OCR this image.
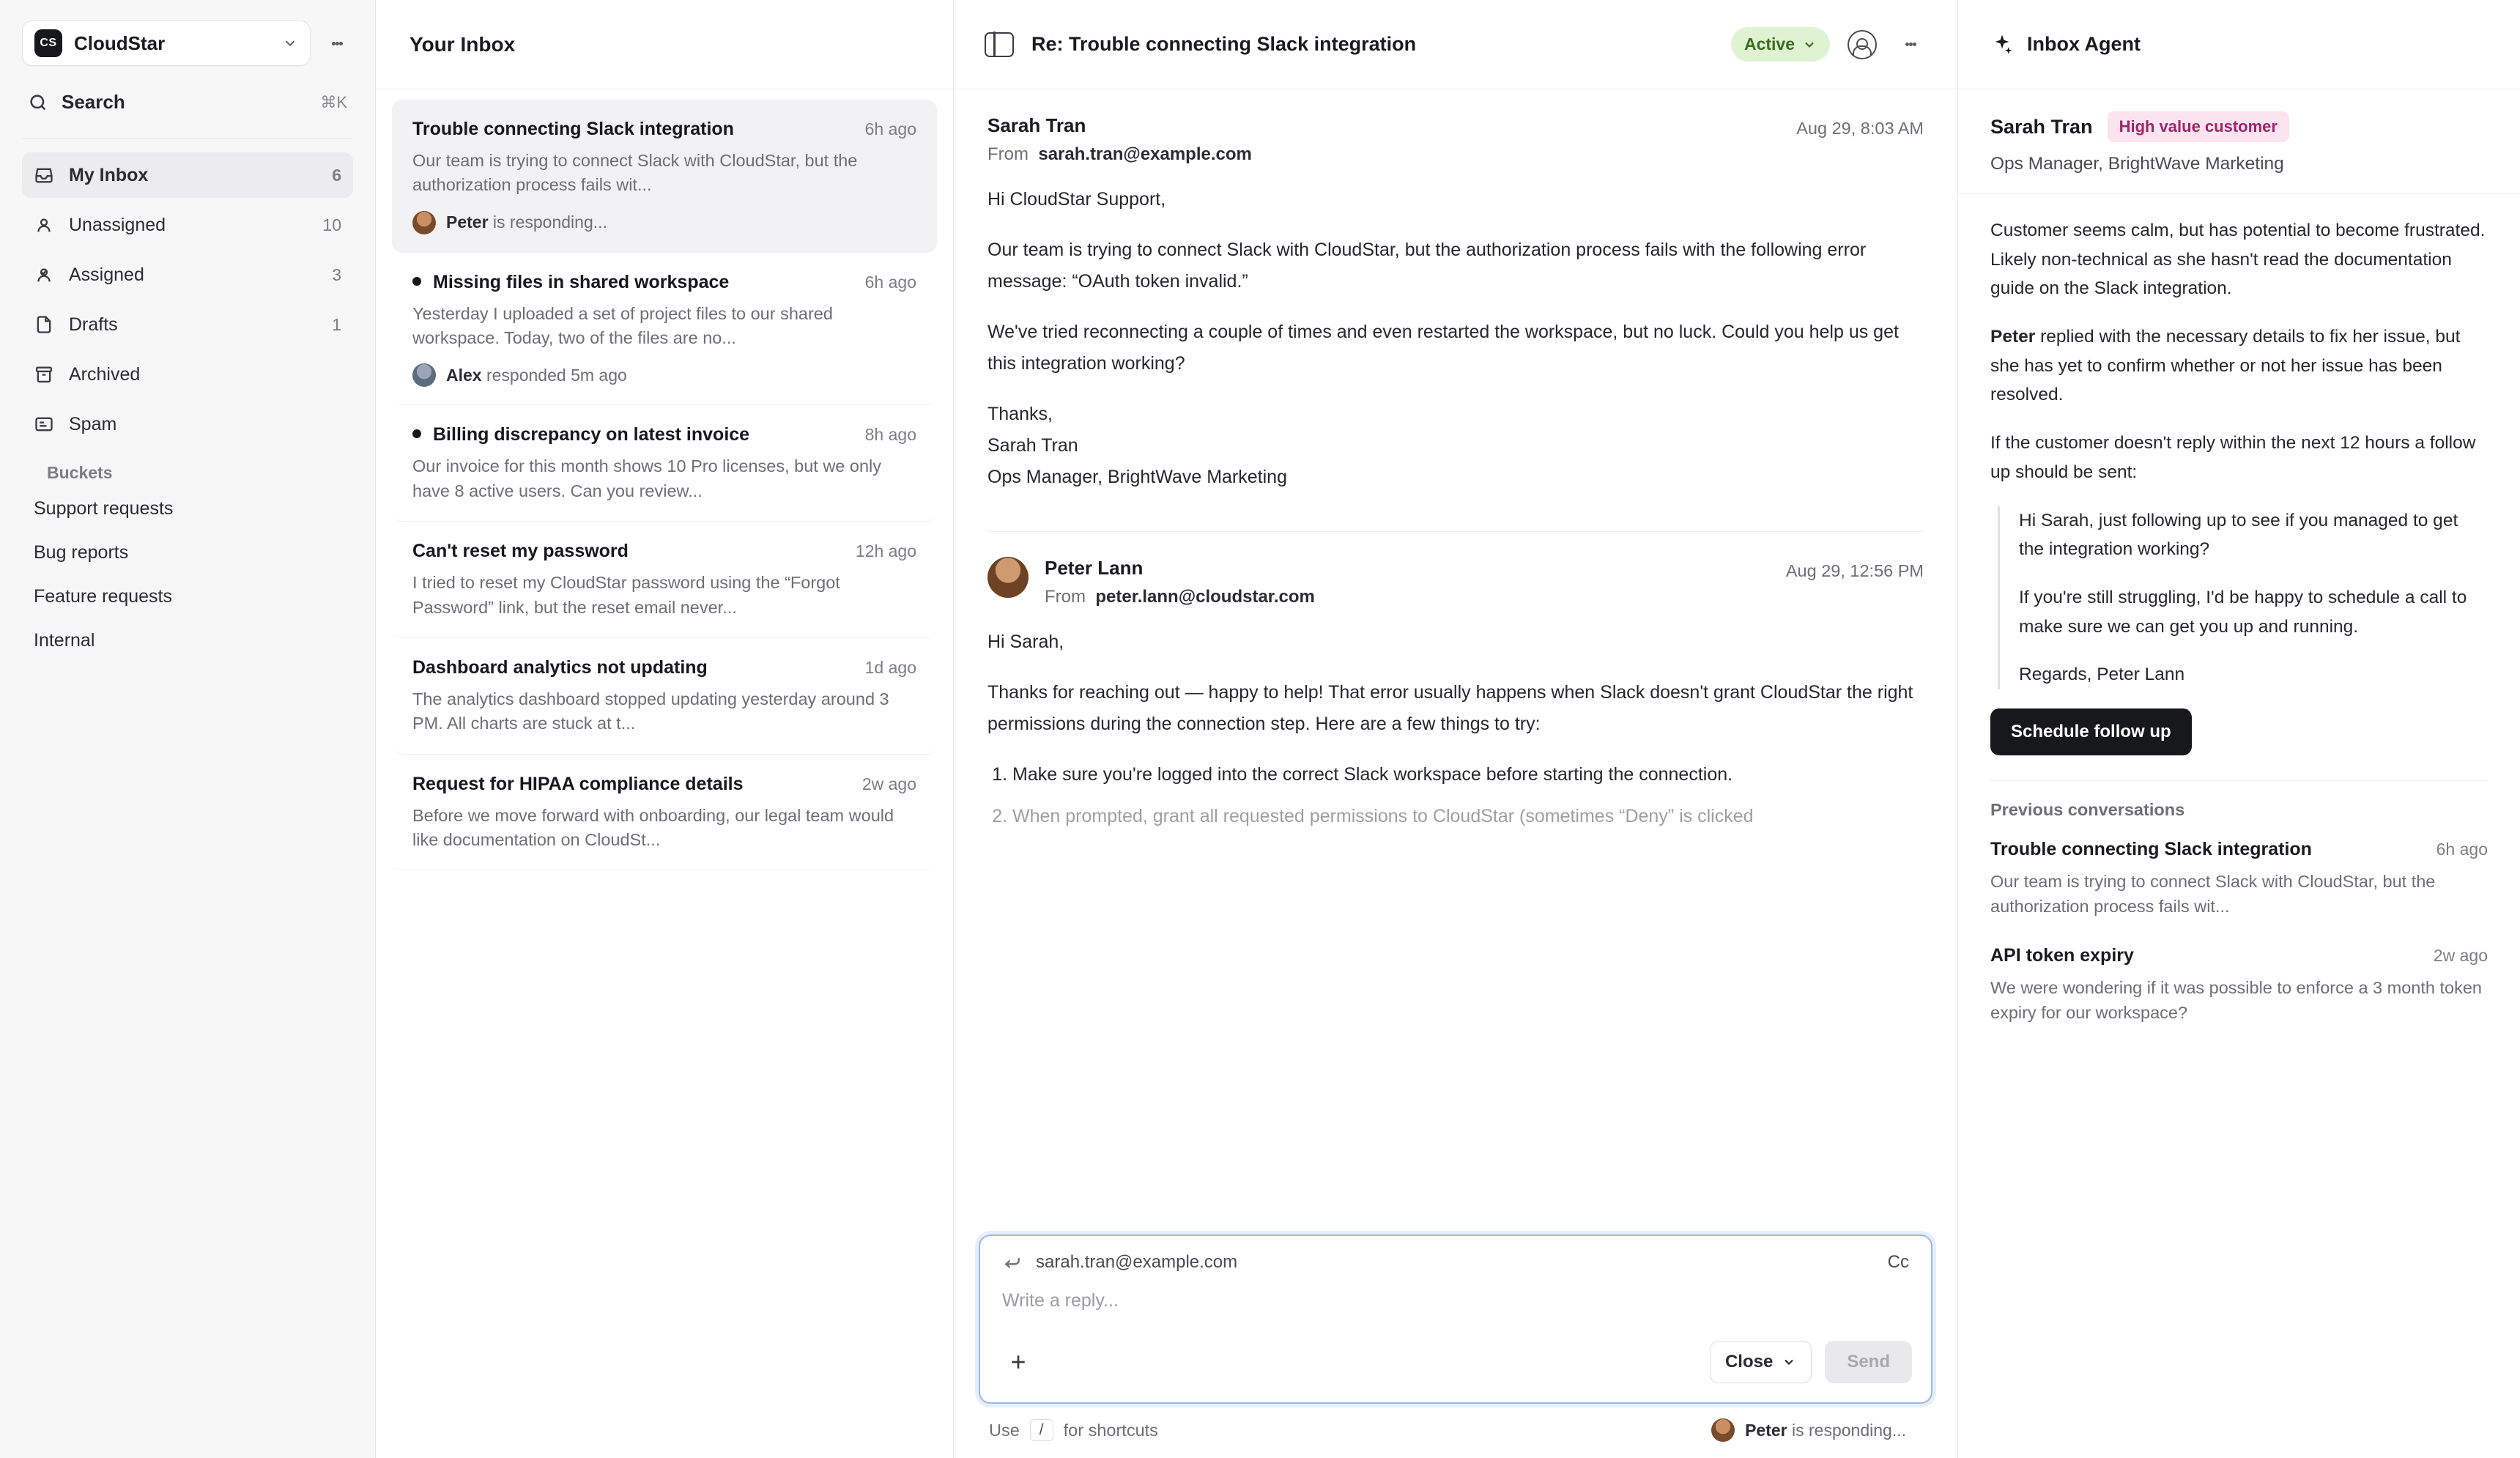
CS CloudStar
Search	⌘K
My Inbox	6
Unassigned	10
Assigned	3
Drafts	1
Archived
Spam
Buckets
Support requests
Bug reports
Feature requests
Internal
Your Inbox
Trouble connecting Slack integration	6h ago
Our team is trying to connect Slack with CloudStar, but the authorization process fails wit...
Peter is responding...
Missing files in shared workspace	6h ago
Yesterday I uploaded a set of project files to our shared workspace. Today, two of the files are no...
Alex responded 5m ago
Billing discrepancy on latest invoice	8h ago
Our invoice for this month shows 10 Pro licenses, but we only have 8 active users. Can you review...
Can't reset my password	12h ago
I tried to reset my CloudStar password using the “Forgot Password” link, but the reset email never...
Dashboard analytics not updating	1d ago
The analytics dashboard stopped updating yesterday around 3 PM. All charts are stuck at t...
Request for HIPAA compliance details	2w ago
Before we move forward with onboarding, our legal team would like documentation on CloudSt...
Re: Trouble connecting Slack integration	Active
Sarah Tran
From sarah.tran@example.com
Aug 29, 8:03 AM

Hi CloudStar Support,

Our team is trying to connect Slack with CloudStar, but the authorization process fails with the following error message: “OAuth token invalid.”

We've tried reconnecting a couple of times and even restarted the workspace, but no luck. Could you help us get this integration working?

Thanks,

Sarah Tran

Ops Manager, BrightWave Marketing

Peter Lann
From peter.lann@cloudstar.com
Aug 29, 12:56 PM

Hi Sarah,

Thanks for reaching out — happy to help! That error usually happens when Slack doesn't grant CloudStar the right permissions during the connection step. Here are a few things to try:

1. Make sure you're logged into the correct Slack workspace before starting the connection.
2. When prompted, grant all requested permissions to CloudStar (sometimes “Deny” is clicked
sarah.tran@example.com	Cc
Write a reply...
Close	Send
Use	/	for shortcuts	Peter is responding...
Inbox Agent
Sarah Tran	High value customer
Ops Manager, BrightWave Marketing

Customer seems calm, but has potential to become frustrated. Likely non-technical as she hasn't read the documentation guide on the Slack integration.

Peter replied with the necessary details to fix her issue, but she has yet to confirm whether or not her issue has been resolved.

If the customer doesn't reply within the next 12 hours a follow up should be sent:

Hi Sarah, just following up to see if you managed to get the integration working?

If you're still struggling, I'd be happy to schedule a call to make sure we can get you up and running.

Regards, Peter Lann

Schedule follow up
Previous conversations
Trouble connecting Slack integration	6h ago
Our team is trying to connect Slack with CloudStar, but the authorization process fails wit...
API token expiry	2w ago
We were wondering if it was possible to enforce a 3 month token expiry for our workspace?
